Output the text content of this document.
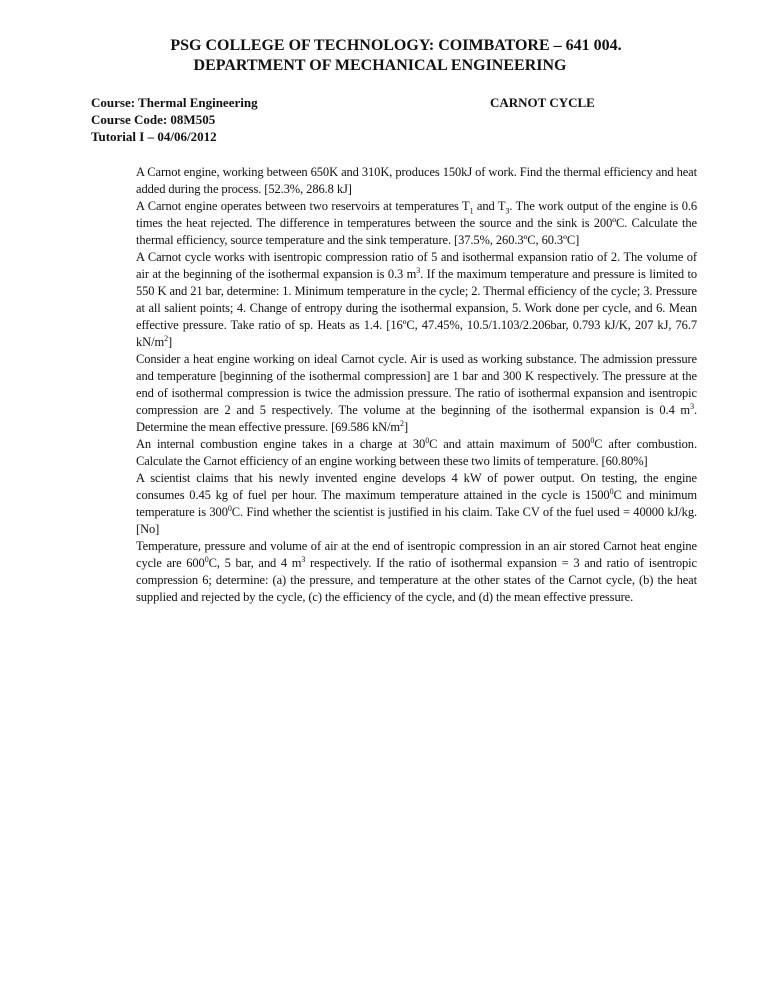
PSG COLLEGE OF TECHNOLOGY: COIMBATORE – 641 004.

DEPARTMENT OF MECHANICAL ENGINEERING

Course: Thermal Engineering

Course Code: 08M505

Tutorial I – 04/06/2012

CARNOT CYCLE

A Carnot engine, working between 650K and 310K, produces 150kJ of work. Find the thermal efficiency and heat added during the process. [52.3%, 286.8 kJ]

A Carnot engine operates between two reservoirs at temperatures $T_1$ and $T_3$. The work output of the engine is 0.6 times the heat rejected. The difference in temperatures between the source and the sink is 200ºC. Calculate the thermal efficiency, source temperature and the sink temperature. [37.5%, 260.3ºC, 60.3ºC]

A Carnot cycle works with isentropic compression ratio of 5 and isothermal expansion ratio of 2. The volume of air at the beginning of the isothermal expansion is 0.3 $m^3$. If the maximum temperature and pressure is limited to 550 K and 21 bar, determine: 1. Minimum temperature in the cycle; 2. Thermal efficiency of the cycle; 3. Pressure at all salient points; 4. Change of entropy during the isothermal expansion, 5. Work done per cycle, and 6. Mean effective pressure. Take ratio of sp. Heats as 1.4. [16ºC, 47.45%, 10.5/1.103/2.206bar, 0.793 kJ/K, 207 kJ, 76.7 $kN/m^2$]

Consider a heat engine working on ideal Carnot cycle. Air is used as working substance. The admission pressure and temperature [beginning of the isothermal compression] are 1 bar and 300 K respectively. The pressure at the end of isothermal compression is twice the admission pressure. The ratio of isothermal expansion and isentropic compression are 2 and 5 respectively. The volume at the beginning of the isothermal expansion is 0.4 $m^3$. Determine the mean effective pressure. [69.586 $kN/m^2$]

An internal combustion engine takes in a charge at $30^0C$ and attain maximum of $500^0C$ after combustion. Calculate the Carnot efficiency of an engine working between these two limits of temperature. [60.80%]

A scientist claims that his newly invented engine develops 4 kW of power output. On testing, the engine consumes 0.45 kg of fuel per hour. The maximum temperature attained in the cycle is 1500$^0$C and minimum temperature is $300^0C$. Find whether the scientist is justified in his claim. Take CV of the fuel used = 40000 kJ/kg. [No]

Temperature, pressure and volume of air at the end of isentropic compression in an air stored Carnot heat engine cycle are $600^0C$, 5 bar, and 4 $m^3$ respectively. If the ratio of isothermal expansion = 3 and ratio of isentropic compression 6; determine: (a) the pressure, and temperature at the other states of the Carnot cycle, (b) the heat supplied and rejected by the cycle, (c) the efficiency of the cycle, and (d) the mean effective pressure.
